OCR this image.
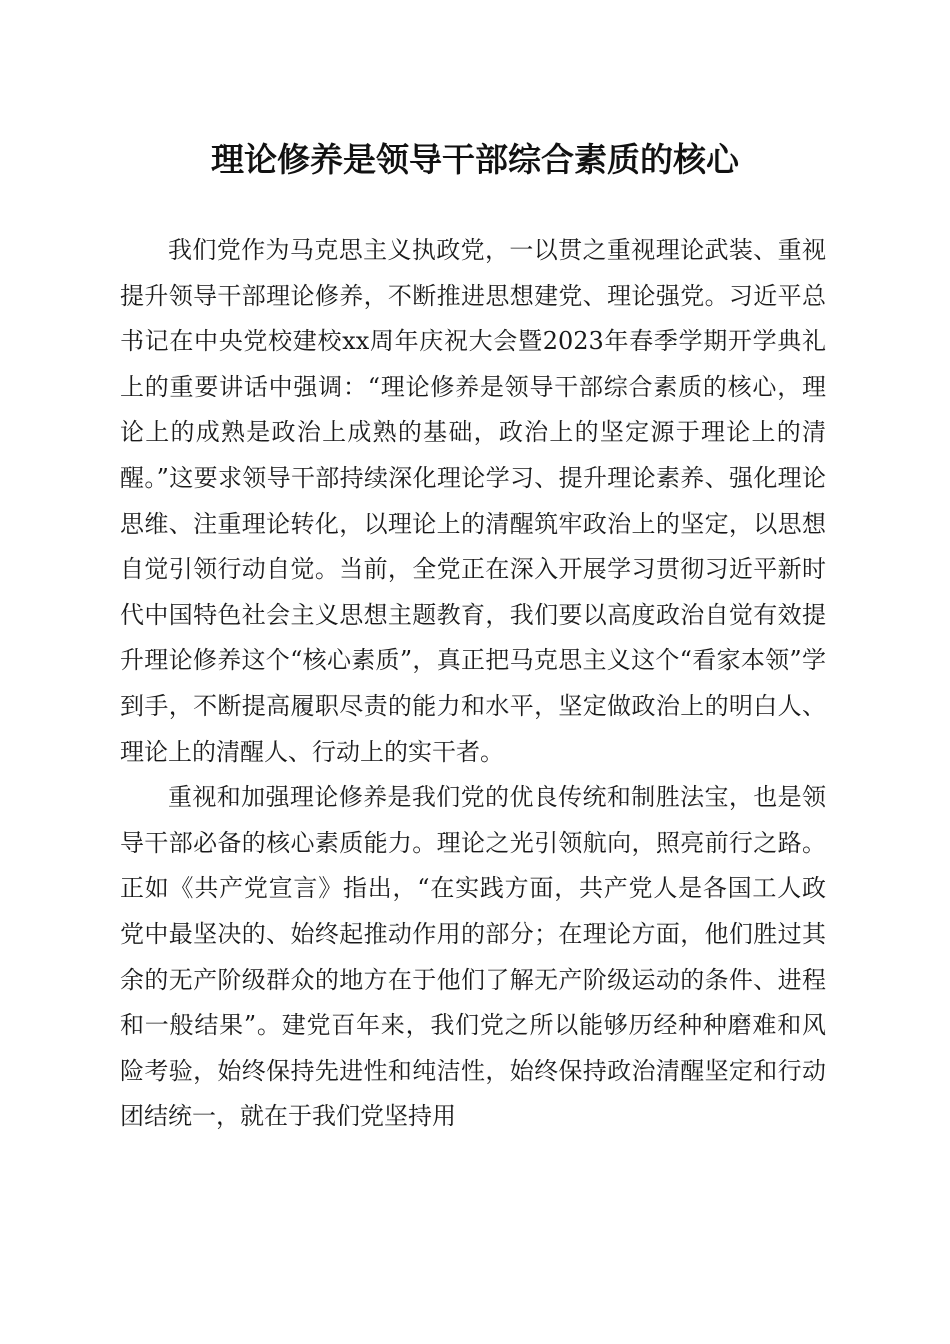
理论修养是领导干部综合素质的核心

我们党作为马克思主义执政党，一以贯之重视理论武装、重视提升领导干部理论修养，不断推进思想建党、理论强党。习近平总书记在中央党校建校xx周年庆祝大会暨2023年春季学期开学典礼上的重要讲话中强调：“理论修养是领导干部综合素质的核心，理论上的成熟是政治上成熟的基础，政治上的坚定源于理论上的清醒。”这要求领导干部持续深化理论学习、提升理论素养、强化理论思维、注重理论转化，以理论上的清醒筑牢政治上的坚定，以思想自觉引领行动自觉。当前，全党正在深入开展学习贯彻习近平新时代中国特色社会主义思想主题教育，我们要以高度政治自觉有效提升理论修养这个“核心素质”，真正把马克思主义这个“看家本领”学到手，不断提高履职尽责的能力和水平，坚定做政治上的明白人、理论上的清醒人、行动上的实干者。

重视和加强理论修养是我们党的优良传统和制胜法宝，也是领导干部必备的核心素质能力。理论之光引领航向，照亮前行之路。正如《共产党宣言》指出，“在实践方面，共产党人是各国工人政党中最坚决的、始终起推动作用的部分；在理论方面，他们胜过其余的无产阶级群众的地方在于他们了解无产阶级运动的条件、进程和一般结果”。建党百年来，我们党之所以能够历经种种磨难和风险考验，始终保持先进性和纯洁性，始终保持政治清醒坚定和行动团结统一，就在于我们党坚持用
